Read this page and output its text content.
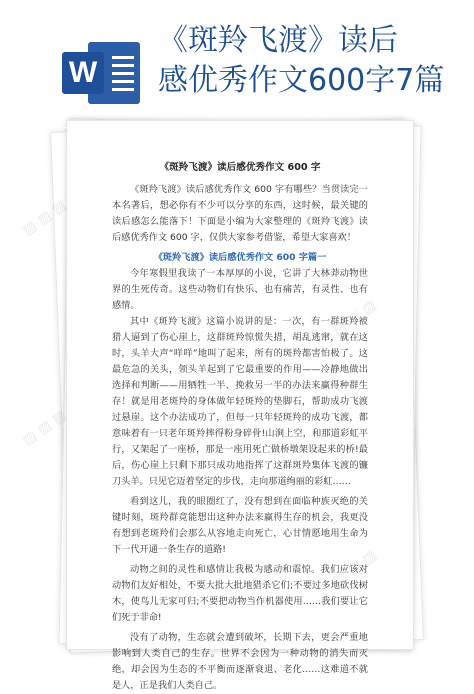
W
《斑羚飞渡》读后
感优秀作文600字7篇
《斑羚飞渡》读后感优秀作文 600 字

《斑羚飞渡》读后感优秀作文 600 字有哪些？当贯读完一本名著后，想必你有不少可以分享的东西，这时候，最关键的读后感怎么能落下！下面是小编为大家整理的《斑羚飞渡》读后感优秀作文 600 字，仅供大家参考借鉴，希望大家喜欢！

《斑羚飞渡》读后感优秀作文 600 字篇一

今年寒假里我读了一本厚厚的小说，它讲了大林莽动物世界的生死传奇。这些动物们有快乐、也有痛苦，有灵性、也有感情。

其中《斑羚飞渡》这篇小说讲的是：一次，有一群斑羚被猎人逼到了伤心崖上，这群斑羚惊慌失措，胡乱逃窜，就在这时，头羊大声“咩咩”地叫了起来，所有的斑羚都害怕极了。这最危急的关头，领头羊起到了它最重要的作用——冷静地做出选择和判断——用牺牲一半、挽救另一半的办法来赢得种群生存！就是用老斑羚的身体做年轻斑羚的垫脚石，帮助成功飞渡过悬崖。这个办法成功了，但每一只年轻斑羚的成功飞渡，都意味着有一只老年斑羚摔得粉身碎骨!山涧上空，和那道彩虹平行，又架起了一座桥，那是一座用死亡做桥墩架设起来的桥!最后，伤心崖上只剩下那只成功地指挥了这群斑羚集体飞渡的镰刀头羊。只见它迈着坚定的步伐，走向那道绚丽的彩虹……

看到这儿，我的眼圈红了，没有想到在面临种族灭绝的关键时刻，斑羚群竟能想出这种办法来赢得生存的机会，我更没有想到老斑羚们会那么从容地走向死亡，心甘情愿地用生命为下一代开通一条生存的道路!

动物之间的灵性和感情让我极为感动和震惊。我们应该对动物们友好相处，不要大批大批地猎杀它们;不要过多地砍伐树木，使鸟儿无家可归;不要把动物当作机器使用……我们要让它们死于非命!

没有了动物，生态就会遭到破坏，长期下去，更会严重地影响到人类自己的生存。世界不会因为一种动物的消失而灭绝，却会因为生态的不平衡而逐渐衰退、老化……这难道不就是人，正是我们人类自己。

▨ ▨ ▨
▨ ▨ ▨
